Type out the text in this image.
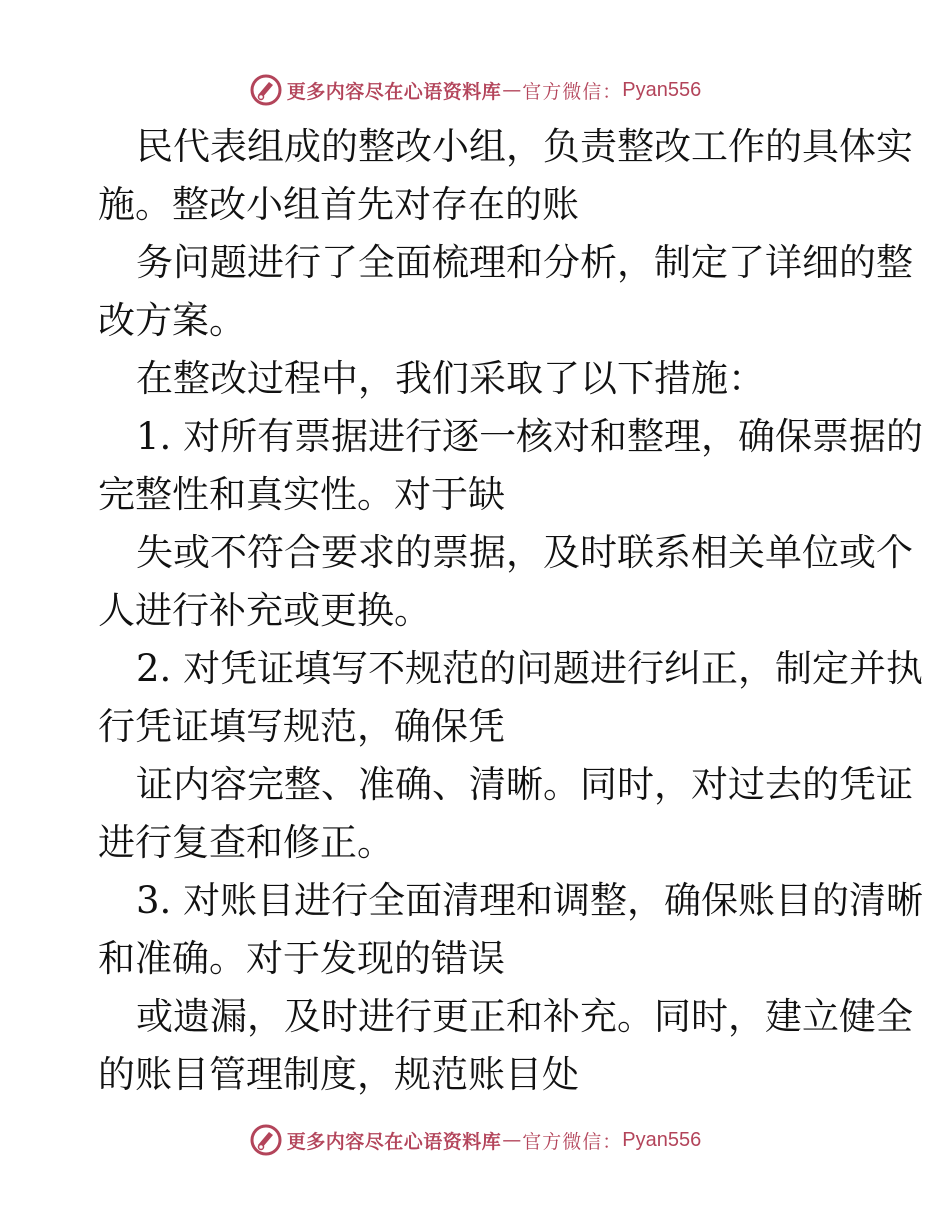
更多内容尽在心语资料库 — 官方微信： Pyan556
民代表组成的整改小组，负责整改工作的具体实
施。整改小组首先对存在的账
务问题进行了全面梳理和分析，制定了详细的整
改方案。
在整改过程中，我们采取了以下措施：
1. 对所有票据进行逐一核对和整理，确保票据的
完整性和真实性。对于缺
失或不符合要求的票据，及时联系相关单位或个
人进行补充或更换。
2. 对凭证填写不规范的问题进行纠正，制定并执
行凭证填写规范，确保凭
证内容完整、准确、清晰。同时，对过去的凭证
进行复查和修正。
3. 对账目进行全面清理和调整，确保账目的清晰
和准确。对于发现的错误
或遗漏，及时进行更正和补充。同时，建立健全
的账目管理制度，规范账目处
更多内容尽在心语资料库 — 官方微信： Pyan556
